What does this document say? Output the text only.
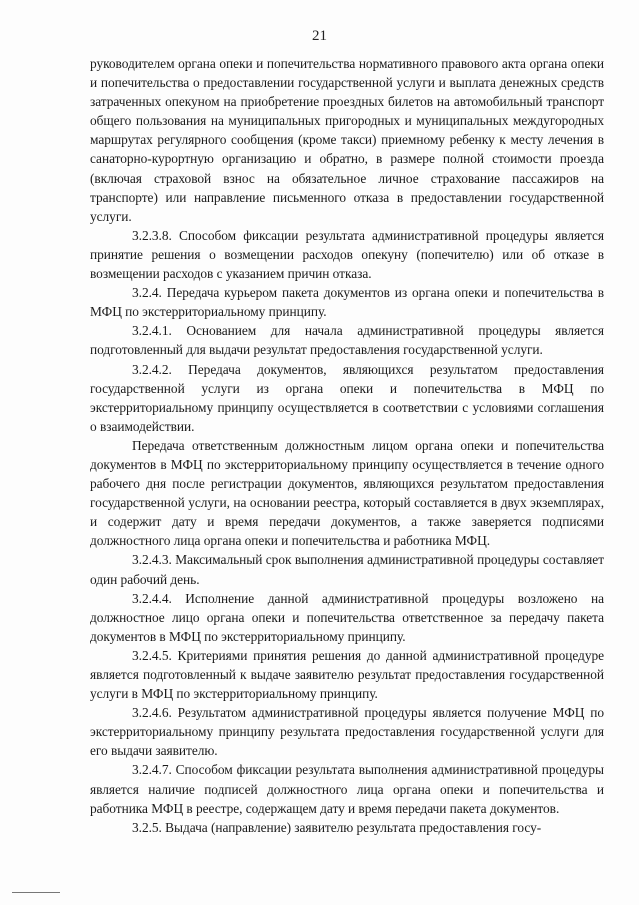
21

руководителем органа опеки и попечительства нормативного правового акта органа опеки и попечительства о предоставлении государственной услуги и выплата денежных средств затраченных опекуном на приобретение проездных билетов на автомобильный транспорт общего пользования на муниципальных пригородных и муниципальных междугородных маршрутах регулярного сообщения (кроме такси) приемному ребенку к месту лечения в санаторно-курортную организацию и обратно, в размере полной стоимости проезда (включая страховой взнос на обязательное личное страхование пассажиров на транспорте) или направление письменного отказа в предоставлении государственной услуги.

3.2.3.8. Способом фиксации результата административной процедуры является принятие решения о возмещении расходов опекуну (попечителю) или об отказе в возмещении расходов с указанием причин отказа.

3.2.4. Передача курьером пакета документов из органа опеки и попечительства в МФЦ по экстерриториальному принципу.

3.2.4.1. Основанием для начала административной процедуры является подготовленный для выдачи результат предоставления государственной услуги.

3.2.4.2. Передача документов, являющихся результатом предоставления государственной услуги из органа опеки и попечительства в МФЦ по экстерриториальному принципу осуществляется в соответствии с условиями соглашения о взаимодействии.

Передача ответственным должностным лицом органа опеки и попечительства документов в МФЦ по экстерриториальному принципу осуществляется в течение одного рабочего дня после регистрации документов, являющихся результатом предоставления государственной услуги, на основании реестра, который составляется в двух экземплярах, и содержит дату и время передачи документов, а также заверяется подписями должностного лица органа опеки и попечительства и работника МФЦ.

3.2.4.3. Максимальный срок выполнения административной процедуры составляет один рабочий день.

3.2.4.4. Исполнение данной административной процедуры возложено на должностное лицо органа опеки и попечительства ответственное за передачу пакета документов в МФЦ по экстерриториальному принципу.

3.2.4.5. Критериями принятия решения до данной административной процедуре является подготовленный к выдаче заявителю результат предоставления государственной услуги в МФЦ по экстерриториальному принципу.

3.2.4.6. Результатом административной процедуры является получение МФЦ по экстерриториальному принципу результата предоставления государственной услуги для его выдачи заявителю.

3.2.4.7. Способом фиксации результата выполнения административной процедуры является наличие подписей должностного лица органа опеки и попечительства и работника МФЦ в реестре, содержащем дату и время передачи пакета документов.

3.2.5. Выдача (направление) заявителю результата предоставления госу-
